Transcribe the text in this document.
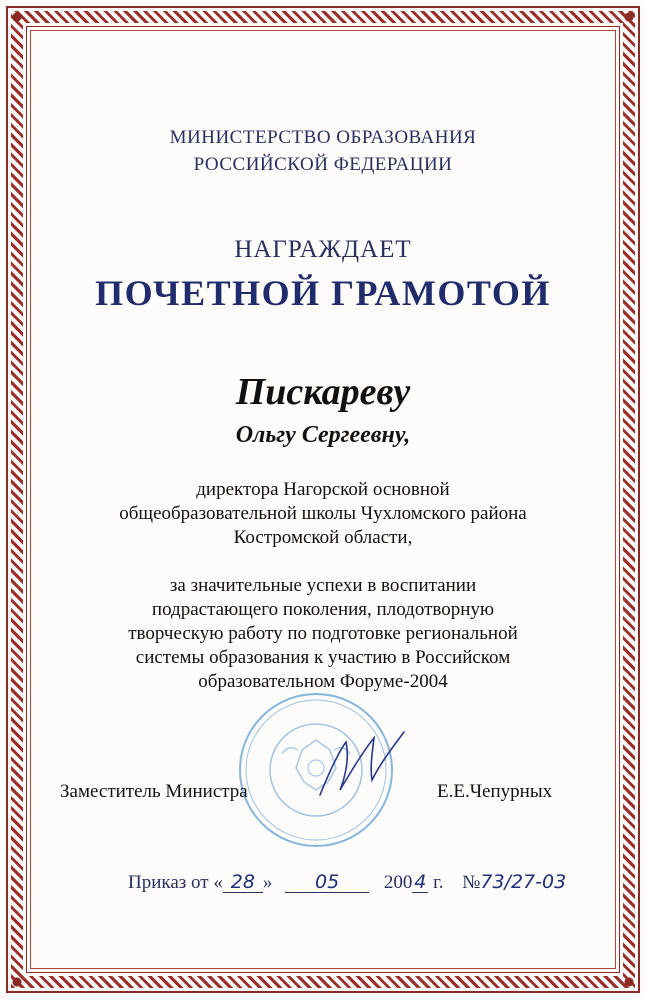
МИНИСТЕРСТВО ОБРАЗОВАНИЯ
РОССИЙСКОЙ ФЕДЕРАЦИИ
НАГРАЖДАЕТ
ПОЧЕТНОЙ ГРАМОТОЙ
Пискареву
Ольгу Сергеевну,
директора Нагорской основной
общеобразовательной школы Чухломского района
Костромской области,
за значительные успехи в воспитании
подрастающего поколения, плодотворную
творческую работу по подготовке региональной
системы образования к участию в Российском
образовательном Форуме-2004
Заместитель Министра	Е.Е.Чепурных
Приказ от « 28 » 05 200 4 г. №73/27-03
